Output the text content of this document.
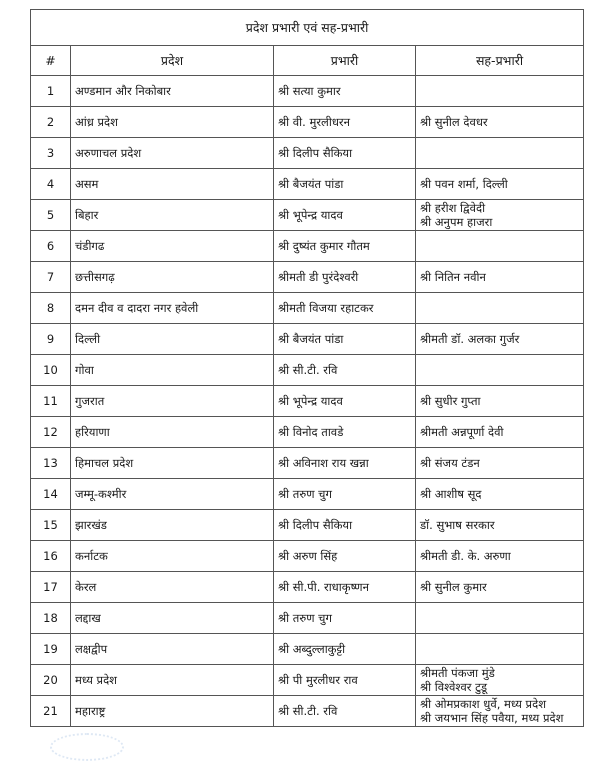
प्रदेश प्रभारी एवं सह-प्रभारी			
#	प्रदेश	प्रभारी	सह-प्रभारी
1	अण्डमान और निकोबार	श्री सत्या कुमार	
2	आंध्र प्रदेश	श्री वी. मुरलीधरन	श्री सुनील देवधर

3	अरुणाचल प्रदेश	श्री दिलीप सैकिया	
4	असम	श्री बैजयंत पांडा	श्री पवन शर्मा, दिल्ली

5	बिहार	श्री भूपेन्द्र यादव	श्री हरीश द्विवेदी
श्री अनुपम हाजरा

6	चंडीगढ	श्री दुष्यंत कुमार गौतम	
7	छत्तीसगढ़	श्रीमती डी पुरंदेश्वरी	श्री नितिन नवीन

8	दमन दीव व दादरा नगर हवेली	श्रीमती विजया रहाटकर	
9	दिल्ली	श्री बैजयंत पांडा	श्रीमती डॉ. अलका गुर्जर

10	गोवा	श्री सी.टी. रवि	
11	गुजरात	श्री भूपेन्द्र यादव	श्री सुधीर गुप्ता

12	हरियाणा	श्री विनोद तावडे	श्रीमती अन्नपूर्णा देवी

13	हिमाचल प्रदेश	श्री अविनाश राय खन्ना	श्री संजय टंडन

14	जम्मू-कश्मीर	श्री तरुण चुग	श्री आशीष सूद

15	झारखंड	श्री दिलीप सैकिया	डॉ. सुभाष सरकार

16	कर्नाटक	श्री अरुण सिंह	श्रीमती डी. के. अरुणा

17	केरल	श्री सी.पी. राधाकृष्णन	श्री सुनील कुमार

18	लद्दाख	श्री तरुण चुग	
19	लक्षद्वीप	श्री अब्दुल्लाकुट्टी	
20	मध्य प्रदेश	श्री पी मुरलीधर राव	श्रीमती पंकजा मुंडे
श्री विश्वेश्वर टुडू

21	महाराष्ट्र	श्री सी.टी. रवि	श्री ओमप्रकाश धुर्वे, मध्य प्रदेश
श्री जयभान सिंह पवैया, मध्य प्रदेश
